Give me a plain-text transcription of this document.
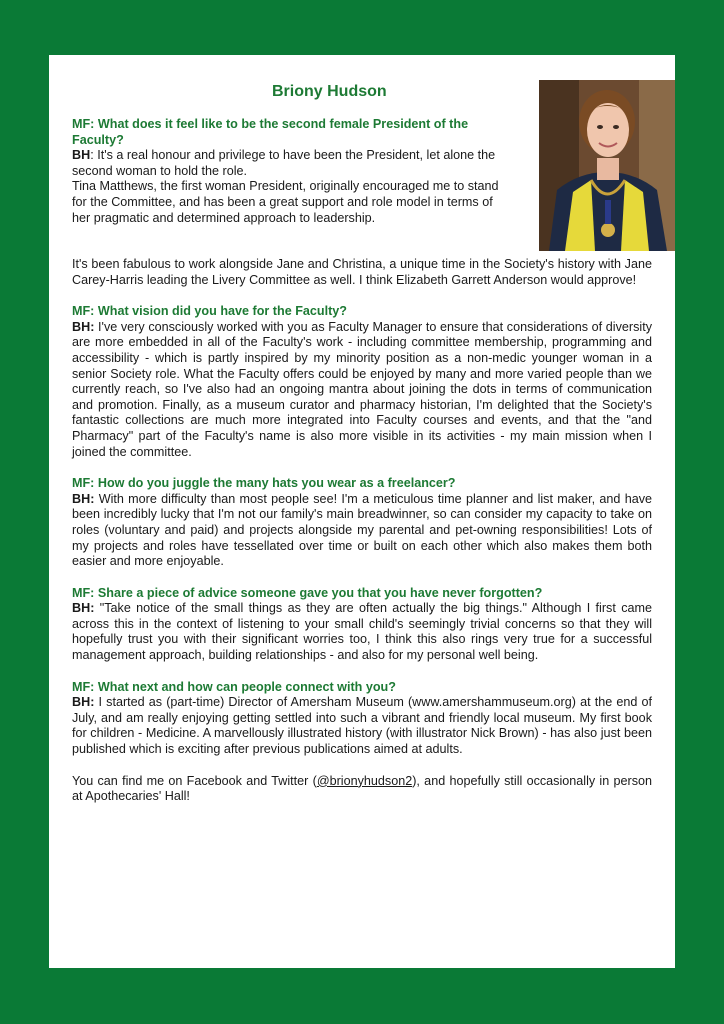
Briony Hudson

MF: What does it feel like to be the second female President of the Faculty?

BH: It's a real honour and privilege to have been the President, let alone the second woman to hold the role.

Tina Matthews, the first woman President, originally encouraged me to stand for the Committee, and has been a great support and role model in terms of her pragmatic and determined approach to leadership.

It's been fabulous to work alongside Jane and Christina, a unique time in the Society's history with Jane Carey-Harris leading the Livery Committee as well. I think Elizabeth Garrett Anderson would approve!

MF: What vision did you have for the Faculty?

BH: I've very consciously worked with you as Faculty Manager to ensure that considerations of diversity are more embedded in all of the Faculty's work - including committee membership, programming and accessibility - which is partly inspired by my minority position as a non-medic younger woman in a senior Society role. What the Faculty offers could be enjoyed by many and more varied people than we currently reach, so I've also had an ongoing mantra about joining the dots in terms of communication and promotion. Finally, as a museum curator and pharmacy historian, I'm delighted that the Society's fantastic collections are much more integrated into Faculty courses and events, and that the "and Pharmacy" part of the Faculty's name is also more visible in its activities - my main mission when I joined the committee.

MF: How do you juggle the many hats you wear as a freelancer?

BH: With more difficulty than most people see! I'm a meticulous time planner and list maker, and have been incredibly lucky that I'm not our family's main breadwinner, so can consider my capacity to take on roles (voluntary and paid) and projects alongside my parental and pet-owning responsibilities! Lots of my projects and roles have tessellated over time or built on each other which also makes them both easier and more enjoyable.

MF: Share a piece of advice someone gave you that you have never forgotten?

BH: "Take notice of the small things as they are often actually the big things." Although I first came across this in the context of listening to your small child's seemingly trivial concerns so that they will hopefully trust you with their significant worries too, I think this also rings very true for a successful management approach, building relationships - and also for my personal well being.

MF: What next and how can people connect with you?

BH: I started as (part-time) Director of Amersham Museum (www.amershammuseum.org) at the end of July, and am really enjoying getting settled into such a vibrant and friendly local museum. My first book for children - Medicine. A marvellously illustrated history (with illustrator Nick Brown) - has also just been published which is exciting after previous publications aimed at adults.

You can find me on Facebook and Twitter (@brionyhudson2), and hopefully still occasionally in person at Apothecaries' Hall!
